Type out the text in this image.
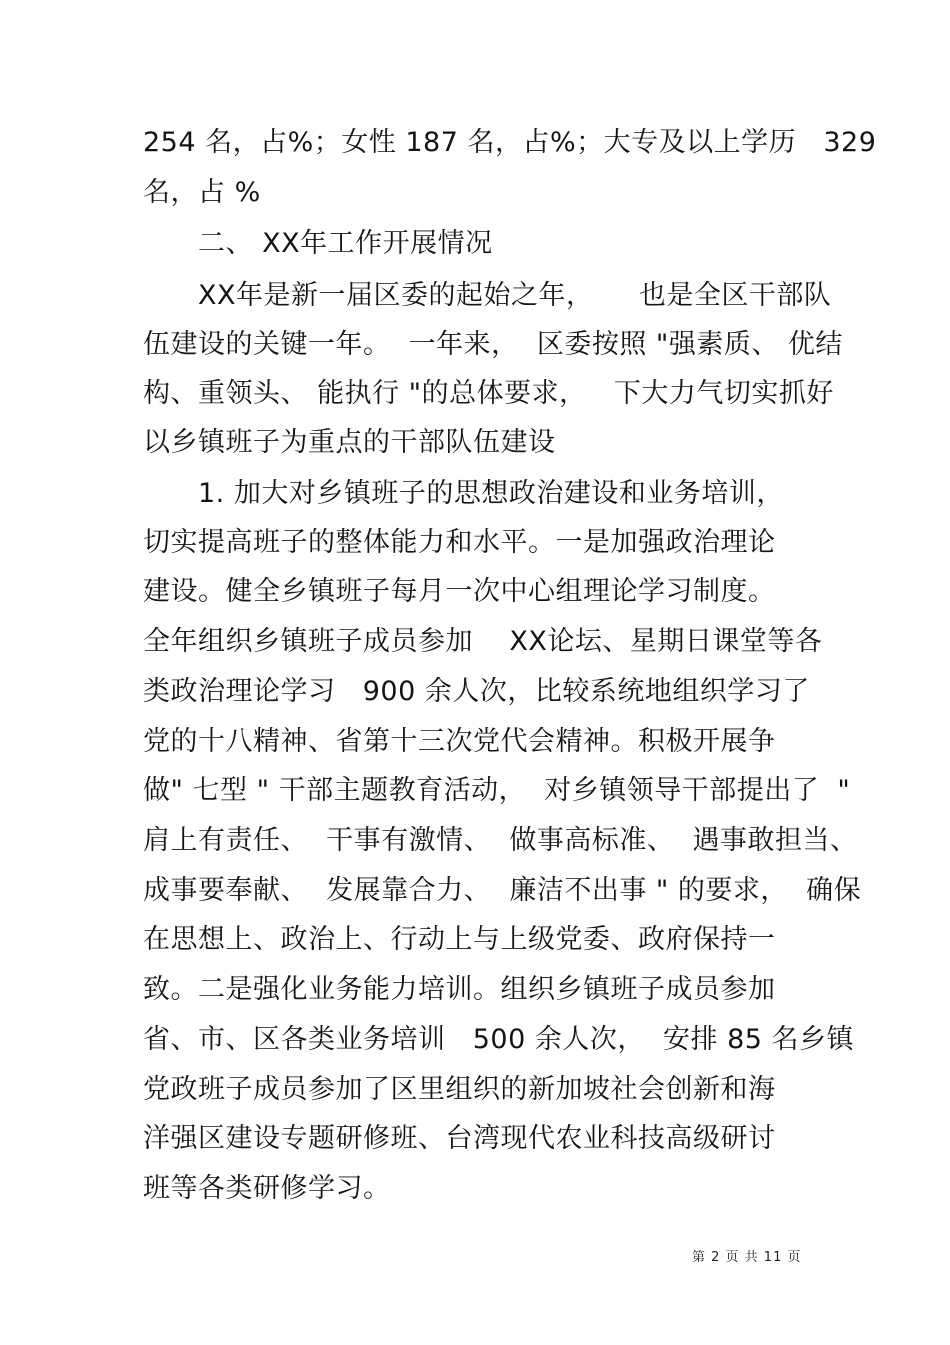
254 名，占%；女性 187 名，占%；大专及以上学历   329
名，占 %
二、 XX年工作开展情况
XX年是新一届区委的起始之年，     也是全区干部队
伍建设的关键一年。  一年来，  区委按照 "强素质、 优结
构、重领头、 能执行 "的总体要求，   下大力气切实抓好
以乡镇班子为重点的干部队伍建设
1. 加大对乡镇班子的思想政治建设和业务培训，
切实提高班子的整体能力和水平。一是加强政治理论
建设。健全乡镇班子每月一次中心组理论学习制度。
全年组织乡镇班子成员参加    XX论坛、星期日课堂等各
类政治理论学习   900 余人次，比较系统地组织学习了
党的十八精神、省第十三次党代会精神。积极开展争
做" 七型 " 干部主题教育活动，  对乡镇领导干部提出了  "
肩上有责任、  干事有激情、  做事高标准、  遇事敢担当、
成事要奉献、  发展靠合力、  廉洁不出事 " 的要求，  确保
在思想上、政治上、行动上与上级党委、政府保持一
致。二是强化业务能力培训。组织乡镇班子成员参加
省、市、区各类业务培训   500 余人次，  安排 85 名乡镇
党政班子成员参加了区里组织的新加坡社会创新和海
洋强区建设专题研修班、台湾现代农业科技高级研讨
班等各类研修学习。
第 2 页 共 11 页
